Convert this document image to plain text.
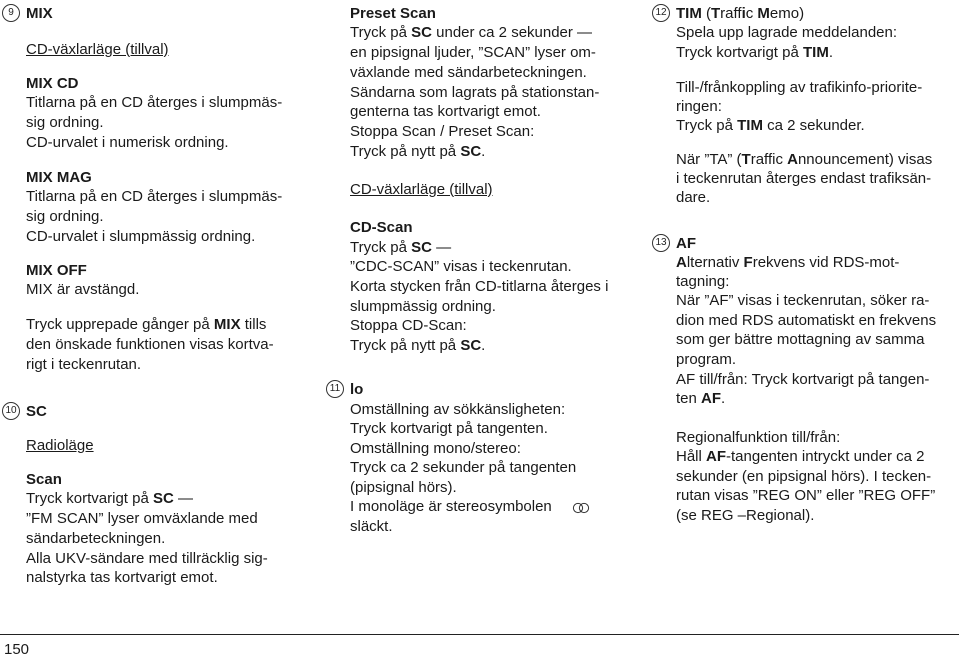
9 MIX
CD-växlarläge (tillval)
MIX CD
Titlarna på en CD återges i slumpmäs-
sig ordning.
CD-urvalet i numerisk ordning.
MIX MAG
Titlarna på en CD återges i slumpmäs-
sig ordning.
CD-urvalet i slumpmässig ordning.
MIX OFF
MIX är avstängd.
Tryck upprepade gånger på MIX tills
den önskade funktionen visas kortva-
rigt i teckenrutan.
10 SC
Radioläge
Scan
Tryck kortvarigt på SC —
”FM SCAN” lyser omväxlande med
sändarbeteckningen.
Alla UKV-sändare med tillräcklig sig-
nalstyrka tas kortvarigt emot.
Preset Scan
Tryck på SC under ca 2 sekunder —
en pipsignal ljuder, ”SCAN” lyser om-
växlande med sändarbeteckningen.
Sändarna som lagrats på stationstan-
genterna tas kortvarigt emot.
Stoppa Scan / Preset Scan:
Tryck på nytt på SC.
CD-växlarläge (tillval)
CD-Scan
Tryck på SC —
”CDC-SCAN” visas i teckenrutan.
Korta stycken från CD-titlarna återges i
slumpmässig ordning.
Stoppa CD-Scan:
Tryck på nytt på SC.
11 lo
Omställning av sökkänsligheten:
Tryck kortvarigt på tangenten.
Omställning mono/stereo:
Tryck ca 2 sekunder på tangenten
(pipsignal hörs).
I monoläge är stereosymbolen
släckt.
12 TIM (Traffic Memo)
Spela upp lagrade meddelanden:
Tryck kortvarigt på TIM.
Till-/frånkoppling av trafikinfo-priorite-
ringen:
Tryck på TIM ca 2 sekunder.
När ”TA” (Traffic Announcement) visas
i teckenrutan återges endast trafiksän-
dare.
13 AF
Alternativ Frekvens vid RDS-mot-
tagning:
När ”AF” visas i teckenrutan, söker ra-
dion med RDS automatiskt en frekvens
som ger bättre mottagning av samma
program.
AF till/från: Tryck kortvarigt på tangen-
ten AF.
Regionalfunktion till/från:
Håll AF-tangenten intryckt under ca 2
sekunder (en pipsignal hörs). I tecken-
rutan visas ”REG ON” eller ”REG OFF”
(se REG –Regional).
150
